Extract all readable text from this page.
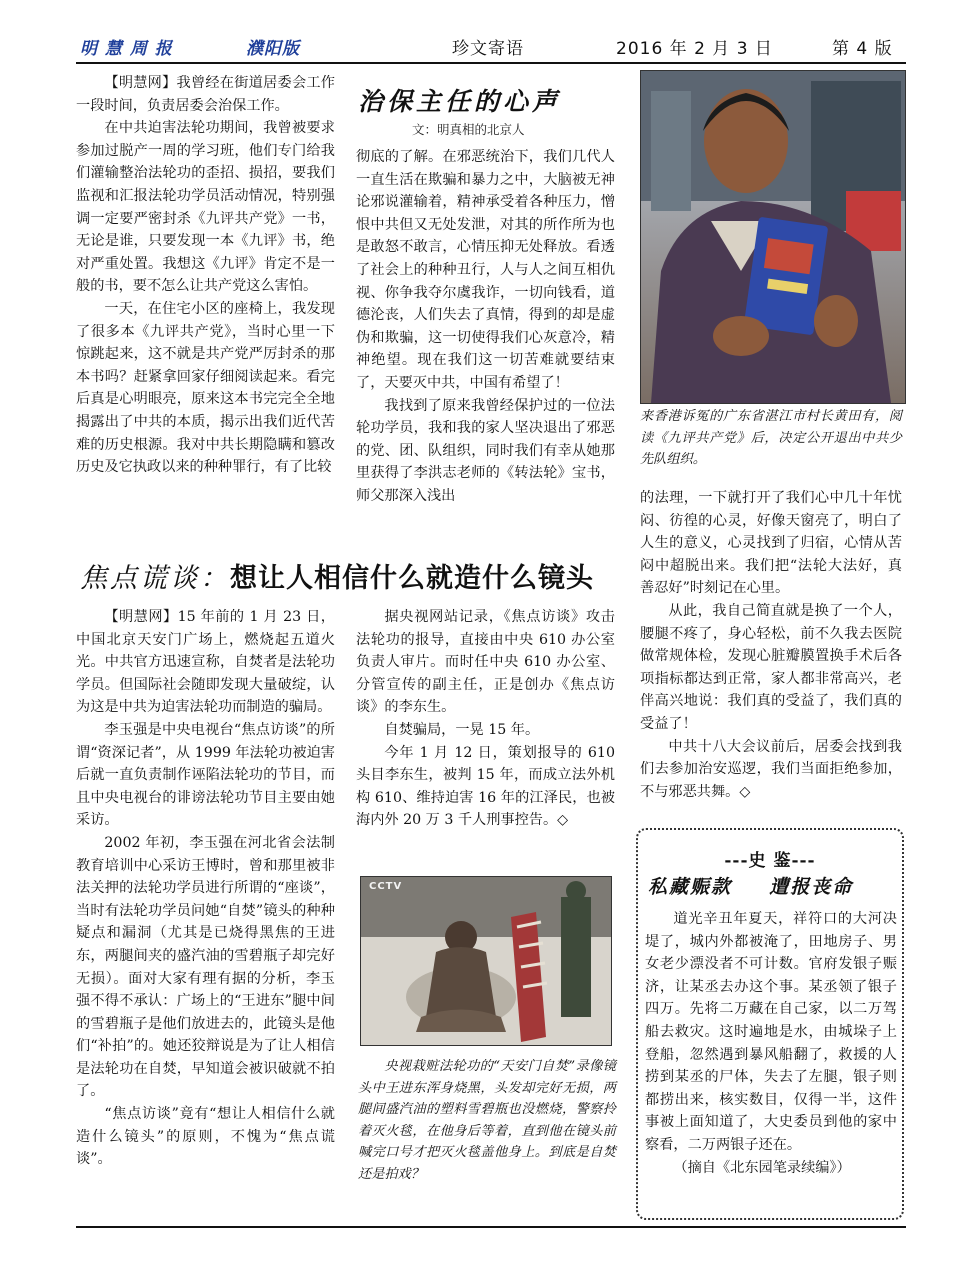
明 慧 周 报	濮阳版	珍文寄语	2016 年 2 月 3 日	第 4 版

【明慧网】我曾经在街道居委会工作一段时间，负责居委会治保工作。

在中共迫害法轮功期间，我曾被要求参加过脱产一周的学习班，他们专门给我们灌输整治法轮功的歪招、损招，要我们监视和汇报法轮功学员活动情况，特别强调一定要严密封杀《九评共产党》一书，无论是谁，只要发现一本《九评》书，绝对严重处置。我想这《九评》肯定不是一般的书，要不怎么让共产党这么害怕。

一天，在住宅小区的座椅上，我发现了很多本《九评共产党》，当时心里一下惊跳起来，这不就是共产党严厉封杀的那本书吗？赶紧拿回家仔细阅读起来。看完后真是心明眼亮，原来这本书完完全全地揭露出了中共的本质，揭示出我们近代苦难的历史根源。我对中共长期隐瞒和篡改历史及它执政以来的种种罪行，有了比较

治保主任的心声
文：明真相的北京人

彻底的了解。在邪恶统治下，我们几代人一直生活在欺骗和暴力之中，大脑被无神论邪说灌输着，精神承受着各种压力，憎恨中共但又无处发泄，对其的所作所为也是敢怒不敢言，心情压抑无处释放。看透了社会上的种种丑行，人与人之间互相仇视、你争我夺尔虞我诈，一切向钱看，道德沦丧，人们失去了真情，得到的却是虚伪和欺骗，这一切使得我们心灰意冷，精神绝望。现在我们这一切苦难就要结束了，天要灭中共，中国有希望了！

我找到了原来我曾经保护过的一位法轮功学员，我和我的家人坚决退出了邪恶的党、团、队组织，同时我们有幸从她那里获得了李洪志老师的《转法轮》宝书，师父那深入浅出

来香港诉冤的广东省湛江市村长黄田有，阅读《九评共产党》后，决定公开退出中共少先队组织。

的法理，一下就打开了我们心中几十年忧闷、彷徨的心灵，好像天窗亮了，明白了人生的意义，心灵找到了归宿，心情从苦闷中超脱出来。我们把“法轮大法好，真善忍好”时刻记在心里。

从此，我自己简直就是换了一个人，腰腿不疼了，身心轻松，前不久我去医院做常规体检，发现心脏瓣膜置换手术后各项指标都达到正常，家人都非常高兴，老伴高兴地说：我们真的受益了，我们真的受益了！

中共十八大会议前后，居委会找到我们去参加治安巡逻，我们当面拒绝参加，不与邪恶共舞。◇

焦点谎谈：想让人相信什么就造什么镜头

【明慧网】15 年前的 1 月 23 日，中国北京天安门广场上，燃烧起五道火光。中共官方迅速宣称，自焚者是法轮功学员。但国际社会随即发现大量破绽，认为这是中共为迫害法轮功而制造的骗局。

李玉强是中央电视台“焦点访谈”的所谓“资深记者”，从 1999 年法轮功被迫害后就一直负责制作诬陷法轮功的节目，而且中央电视台的诽谤法轮功节目主要由她采访。

2002 年初，李玉强在河北省会法制教育培训中心采访王博时，曾和那里被非法关押的法轮功学员进行所谓的“座谈”，当时有法轮功学员问她“自焚”镜头的种种疑点和漏洞（尤其是已烧得黑焦的王进东，两腿间夹的盛汽油的雪碧瓶子却完好无损）。面对大家有理有据的分析，李玉强不得不承认：广场上的“王进东”腿中间的雪碧瓶子是他们放进去的，此镜头是他们“补拍”的。她还狡辩说是为了让人相信是法轮功在自焚，早知道会被识破就不拍了。

“焦点访谈”竟有“想让人相信什么就造什么镜头”的原则，不愧为“焦点谎谈”。

据央视网站记录，《焦点访谈》攻击法轮功的报导，直接由中央 610 办公室负责人审片。而时任中央 610 办公室、分管宣传的副主任，正是创办《焦点访谈》的李东生。

自焚骗局，一晃 15 年。

今年 1 月 12 日，策划报导的 610 头目李东生，被判 15 年，而成立法外机构 610、维持迫害 16 年的江泽民，也被海内外 20 万 3 千人刑事控告。◇

CCTV

央视栽赃法轮功的“天安门自焚”录像镜头中王进东浑身烧黑，头发却完好无损，两腿间盛汽油的塑料雪碧瓶也没燃烧，警察拎着灭火毯，在他身后等着，直到他在镜头前喊完口号才把灭火毯盖他身上。到底是自焚还是拍戏？

---史 鉴---
私藏赈款 遭报丧命

道光辛丑年夏天，祥符口的大河决堤了，城内外都被淹了，田地房子、男女老少漂没者不可计数。官府发银子赈济，让某丞去办这个事。某丞领了银子四万。先将二万藏在自己家，以二万驾船去救灾。这时遍地是水，由城垛子上登船，忽然遇到暴风船翻了，救援的人捞到某丞的尸体，失去了左腿，银子则都捞出来，核实数目，仅得一半，这件事被上面知道了，大史委员到他的家中察看，二万两银子还在。

（摘自《北东园笔录续编》）
